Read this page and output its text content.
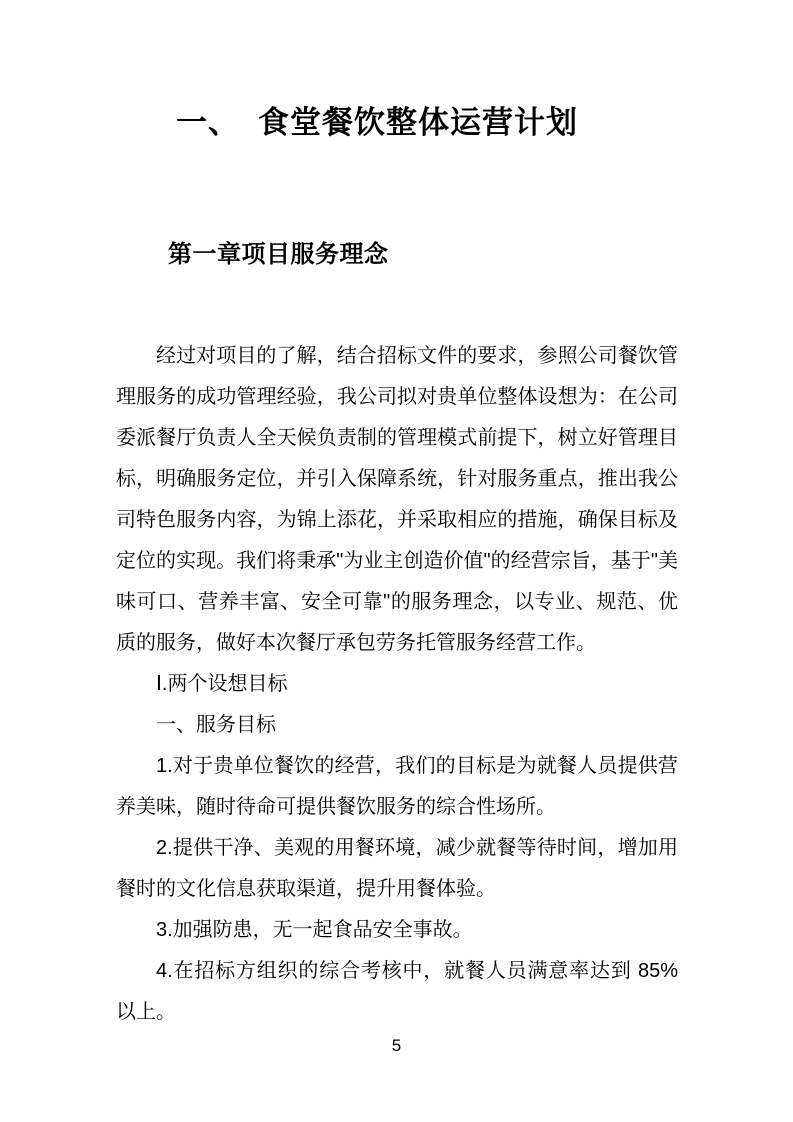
一、 食堂餐饮整体运营计划
第一章项目服务理念

经过对项目的了解，结合招标文件的要求，参照公司餐饮管理服务的成功管理经验，我公司拟对贵单位整体设想为：在公司委派餐厅负责人全天候负责制的管理模式前提下，树立好管理目标，明确服务定位，并引入保障系统，针对服务重点，推出我公司特色服务内容，为锦上添花，并采取相应的措施，确保目标及定位的实现。我们将秉承"为业主创造价值"的经营宗旨，基于"美味可口、营养丰富、安全可靠"的服务理念，以专业、规范、优质的服务，做好本次餐厅承包劳务托管服务经营工作。

Ⅰ.两个设想目标

一、服务目标

1.对于贵单位餐饮的经营，我们的目标是为就餐人员提供营养美味，随时待命可提供餐饮服务的综合性场所。

2.提供干净、美观的用餐环境，减少就餐等待时间，增加用餐时的文化信息获取渠道，提升用餐体验。

3.加强防患，无一起食品安全事故。

4.在招标方组织的综合考核中，就餐人员满意率达到 85%以上。

5
